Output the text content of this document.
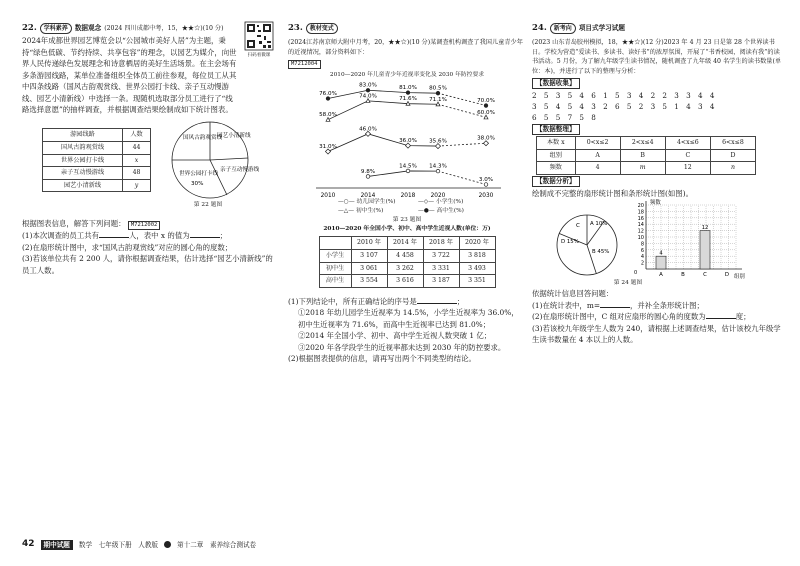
22.	学科素养	数据观念 (2024 四川成都中考，15，★★☆)(10 分)

2024年成都世界园艺博览会以“公园城市美好人居”为主题，秉持“绿色低碳、节约持续、共享包容”的理念，以园艺为媒介，向世界人民传递绿色发展理念和诗意栖居的美好生活场景。在主会场有多条游园线路，某单位准备组织全体员工前往参观，每位员工从其中四条线路（国风古韵观赏线、世界公园打卡线、亲子互动慢游线、园艺小清新线）中选择一条。现随机选取部分员工进行了“线路选择意愿”的抽样调查，并根据调查结果绘制成如下统计图表。

扫码看微课
游园线路	人数
国风古韵观赏线	44
世界公园打卡线	x
亲子互动慢游线	48
园艺小清新线	y
国风古韵观赏线
园艺小清新线
亲子互动慢游线
世界公园打卡线
30%
第 22 题图
根据图表信息，解答下列问题： M7212002

(1)本次调查的员工共有	人，表中 x 的值为	；

(2)在扇形统计图中，求“国风古韵观赏线”对应的圆心角的度数；

(3)若该单位共有 2 200 人，请你根据调查结果，估计选择“园艺小清新线”的员工人数。

23.	教材变式
(2024江苏南京师大附中月考，20，★★☆)(10 分)某调查机构调查了我国儿童青少年的近视情况，部分资料如下：
M7212004
2010—2020 年儿童青少年近视率变化及 2030 年防控要求
2010	2014	2018	2020	2030
9.8%
14.5% 14.3%
3.0%
31.0%
46.0%
36.0% 35.6%	38.0%
58.0%
74.0%	71.6% 71.1%
60.0%
76.0%
83.0%	81.0% 80.5%
70.0%
—○— 幼儿园学生(%)	—◇— 小学生(%)
—△— 初中生(%)	—●— 高中生(%)
第 23 题图
2010—2020 年全国小学、初中、高中学生近视人数(单位：万)
	2010 年	2014 年	2018 年	2020 年
小学生	3 107	4 458	3 722	3 818
初中生	3 061	3 262	3 331	3 493
高中生	3 554	3 616	3 187	3 351

(1)下列结论中，所有正确结论的序号是	；

①2018 年幼儿园学生近视率为 14.5%，小学生近视率为 36.0%，初中生近视率为 71.6%，而高中生近视率已达到 81.0%；

②2014 年全国小学、初中、高中学生近视人数突破 1 亿；

③2020 年各学段学生的近视率都未达到 2030 年的防控要求。

(2)根据图表提供的信息，请再写出两个不同类型的结论。

24.	新考向	项目式学习试题
(2023 山东青岛胶州模拟，18，★★☆)(12 分)2023 年 4 月 23 日是第 28 个世界读书日。学校为营造“爱读书、多读书、读好书”的浓厚氛围，开展了“书香校园，阅读有我”的读书活动。5 月份，为了解九年级学生读书情况，随机调查了九年级 40 名学生的读书数量(单位：本)，并进行了以下的整理与分析：
【数据收集】
2 5 3 5 4 6 1 5 3 4 2 2 3 3 4 4
3 5 4 5 4 3 2 6 5 2 3 5 1 4 3 4
6 5 5 7 5 8
【数据整理】
本数 x	0<x≤2	2<x≤4	4<x≤6	6<x≤8
组别	A	B	C	D
频数	4	m	12	n
【数据分析】

绘制成不完整的扇形统计图和条形统计图(如图)。

A 10%
C
D 15%
B 45%
2
4
6
8
10
12
14
16
18
20
0
频数
组别
A
4
B	C
12
D
第 24 题图

依据统计信息回答问题：

(1)在统计表中，m=	，并补全条形统计图；

(2)在扇形统计图中，C 组对应扇形的圆心角的度数为	度；

(3)若该校九年级学生人数为 240，请根据上述调查结果，估计该校九年级学生读书数量在 4 本以上的人数。

42	期中试题	数学　七年级下册　人教版	第十二章　素养综合测试卷
